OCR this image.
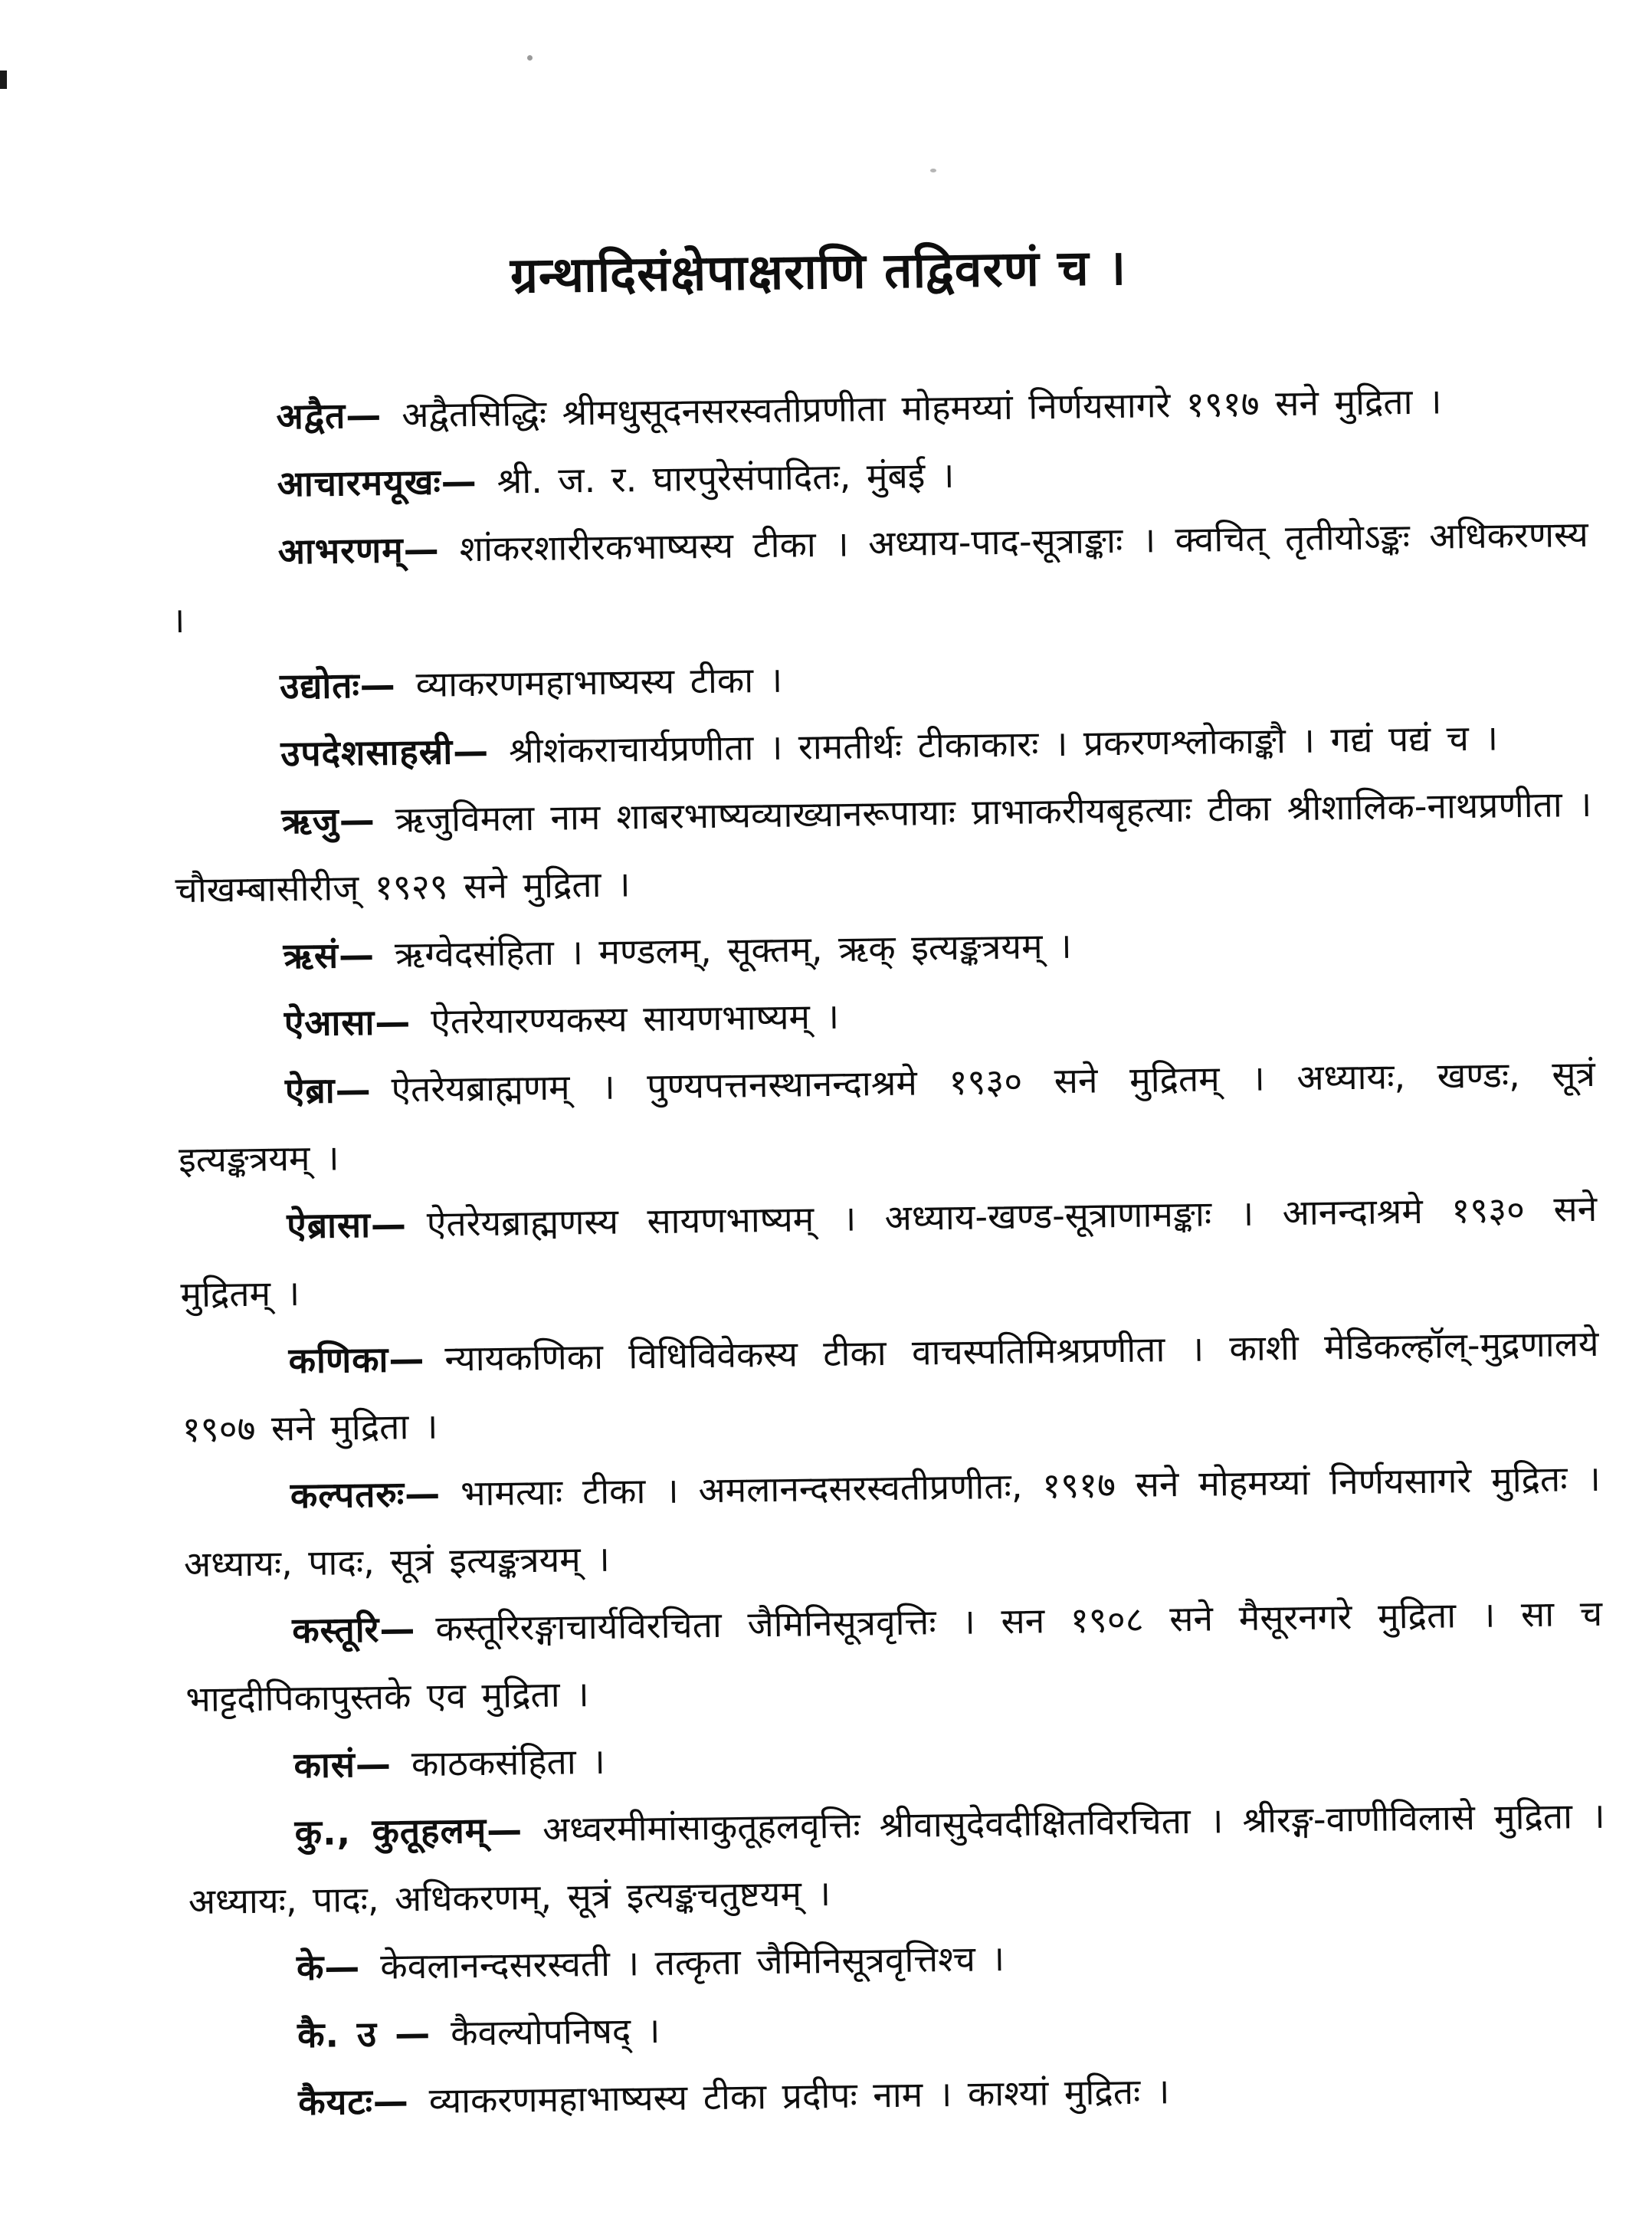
ग्रन्थादिसंक्षेपाक्षराणि तद्विवरणं च ।

अद्वैत— अद्वैतसिद्धिः श्रीमधुसूदनसरस्वतीप्रणीता मोहमय्यां निर्णयसागरे १९१७ सने मुद्रिता ।

आचारमयूखः— श्री. ज. र. घारपुरेसंपादितः, मुंबई ।

आभरणम्— शांकरशारीरकभाष्यस्य टीका । अध्याय-पाद-सूत्राङ्काः । क्वचित् तृतीयोऽङ्कः अधिकरणस्य ।

उद्योतः— व्याकरणमहाभाष्यस्य टीका ।

उपदेशसाहस्री— श्रीशंकराचार्यप्रणीता । रामतीर्थः टीकाकारः । प्रकरणश्लोकाङ्कौ । गद्यं पद्यं च ।

ऋजु— ऋजुविमला नाम शाबरभाष्यव्याख्यानरूपायाः प्राभाकरीयबृहत्याः टीका श्रीशालिक-नाथप्रणीता । चौखम्बासीरीज् १९२९ सने मुद्रिता ।

ऋसं— ऋग्वेदसंहिता । मण्डलम्, सूक्तम्, ऋक् इत्यङ्कत्रयम् ।

ऐआसा— ऐतरेयारण्यकस्य सायणभाष्यम् ।

ऐब्रा— ऐतरेयब्राह्मणम् । पुण्यपत्तनस्थानन्दाश्रमे १९३० सने मुद्रितम् । अध्यायः, खण्डः, सूत्रं इत्यङ्कत्रयम् ।

ऐब्रासा— ऐतरेयब्राह्मणस्य सायणभाष्यम् । अध्याय-खण्ड-सूत्राणामङ्काः । आनन्दाश्रमे १९३० सने मुद्रितम् ।

कणिका— न्यायकणिका विधिविवेकस्य टीका वाचस्पतिमिश्रप्रणीता । काशी मेडिकल्हॉल्-मुद्रणालये १९०७ सने मुद्रिता ।

कल्पतरुः— भामत्याः टीका । अमलानन्दसरस्वतीप्रणीतः, १९१७ सने मोहमय्यां निर्णयसागरे मुद्रितः । अध्यायः, पादः, सूत्रं इत्यङ्कत्रयम् ।

कस्तूरि— कस्तूरिरङ्गाचार्यविरचिता जैमिनिसूत्रवृत्तिः । सन १९०८ सने मैसूरनगरे मुद्रिता । सा च भाट्टदीपिकापुस्तके एव मुद्रिता ।

कासं— काठकसंहिता ।

कु., कुतूहलम्— अध्वरमीमांसाकुतूहलवृत्तिः श्रीवासुदेवदीक्षितविरचिता । श्रीरङ्ग-वाणीविलासे मुद्रिता । अध्यायः, पादः, अधिकरणम्, सूत्रं इत्यङ्कचतुष्टयम् ।

के— केवलानन्दसरस्वती । तत्कृता जैमिनिसूत्रवृत्तिश्च ।

कै. उ — कैवल्योपनिषद् ।

कैयटः— व्याकरणमहाभाष्यस्य टीका प्रदीपः नाम । काश्यां मुद्रितः ।
